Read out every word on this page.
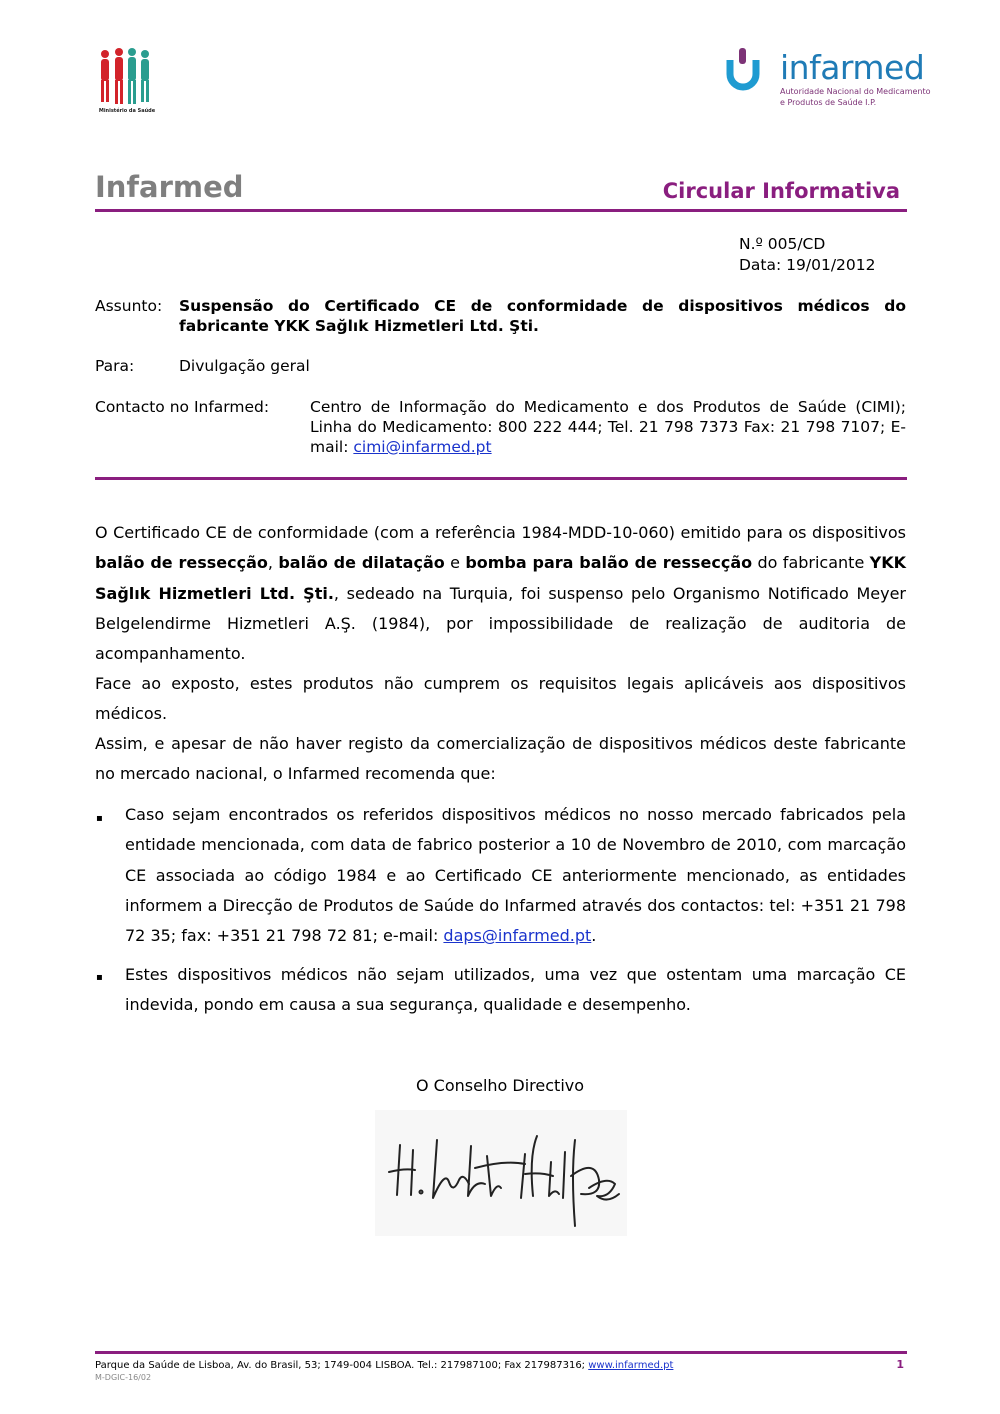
Ministério da Saúde
infarmed
Autoridade Nacional do Medicamento
e Produtos de Saúde I.P.
Infarmed	Circular Informativa
N.º 005/CD
Data: 19/01/2012
Assunto: Suspensão do Certificado CE de conformidade de dispositivos médicos do fabricante YKK Sağlık Hizmetleri Ltd. Şti.
Para:	Divulgação geral
Contacto no Infarmed:	Centro de Informação do Medicamento e dos Produtos de Saúde (CIMI); Linha do Medicamento: 800 222 444; Tel. 21 798 7373 Fax: 21 798 7107; E-mail: cimi@infarmed.pt
O Certificado CE de conformidade (com a referência 1984-MDD-10-060) emitido para os dispositivos balão de ressecção, balão de dilatação e bomba para balão de ressecção do fabricante YKK Sağlık Hizmetleri Ltd. Şti., sedeado na Turquia, foi suspenso pelo Organismo Notificado Meyer Belgelendirme Hizmetleri A.Ş. (1984), por impossibilidade de realização de auditoria de acompanhamento.
Face ao exposto, estes produtos não cumprem os requisitos legais aplicáveis aos dispositivos médicos.
Assim, e apesar de não haver registo da comercialização de dispositivos médicos deste fabricante no mercado nacional, o Infarmed recomenda que:
▪ Caso sejam encontrados os referidos dispositivos médicos no nosso mercado fabricados pela entidade mencionada, com data de fabrico posterior a 10 de Novembro de 2010, com marcação CE associada ao código 1984 e ao Certificado CE anteriormente mencionado, as entidades informem a Direcção de Produtos de Saúde do Infarmed através dos contactos: tel: +351 21 798 72 35; fax: +351 21 798 72 81; e-mail: daps@infarmed.pt.
▪ Estes dispositivos médicos não sejam utilizados, uma vez que ostentam uma marcação CE indevida, pondo em causa a sua segurança, qualidade e desempenho.
O Conselho Directivo
Parque da Saúde de Lisboa, Av. do Brasil, 53; 1749-004 LISBOA. Tel.: 217987100; Fax 217987316; www.infarmed.pt
M-DGIC-16/02
1
